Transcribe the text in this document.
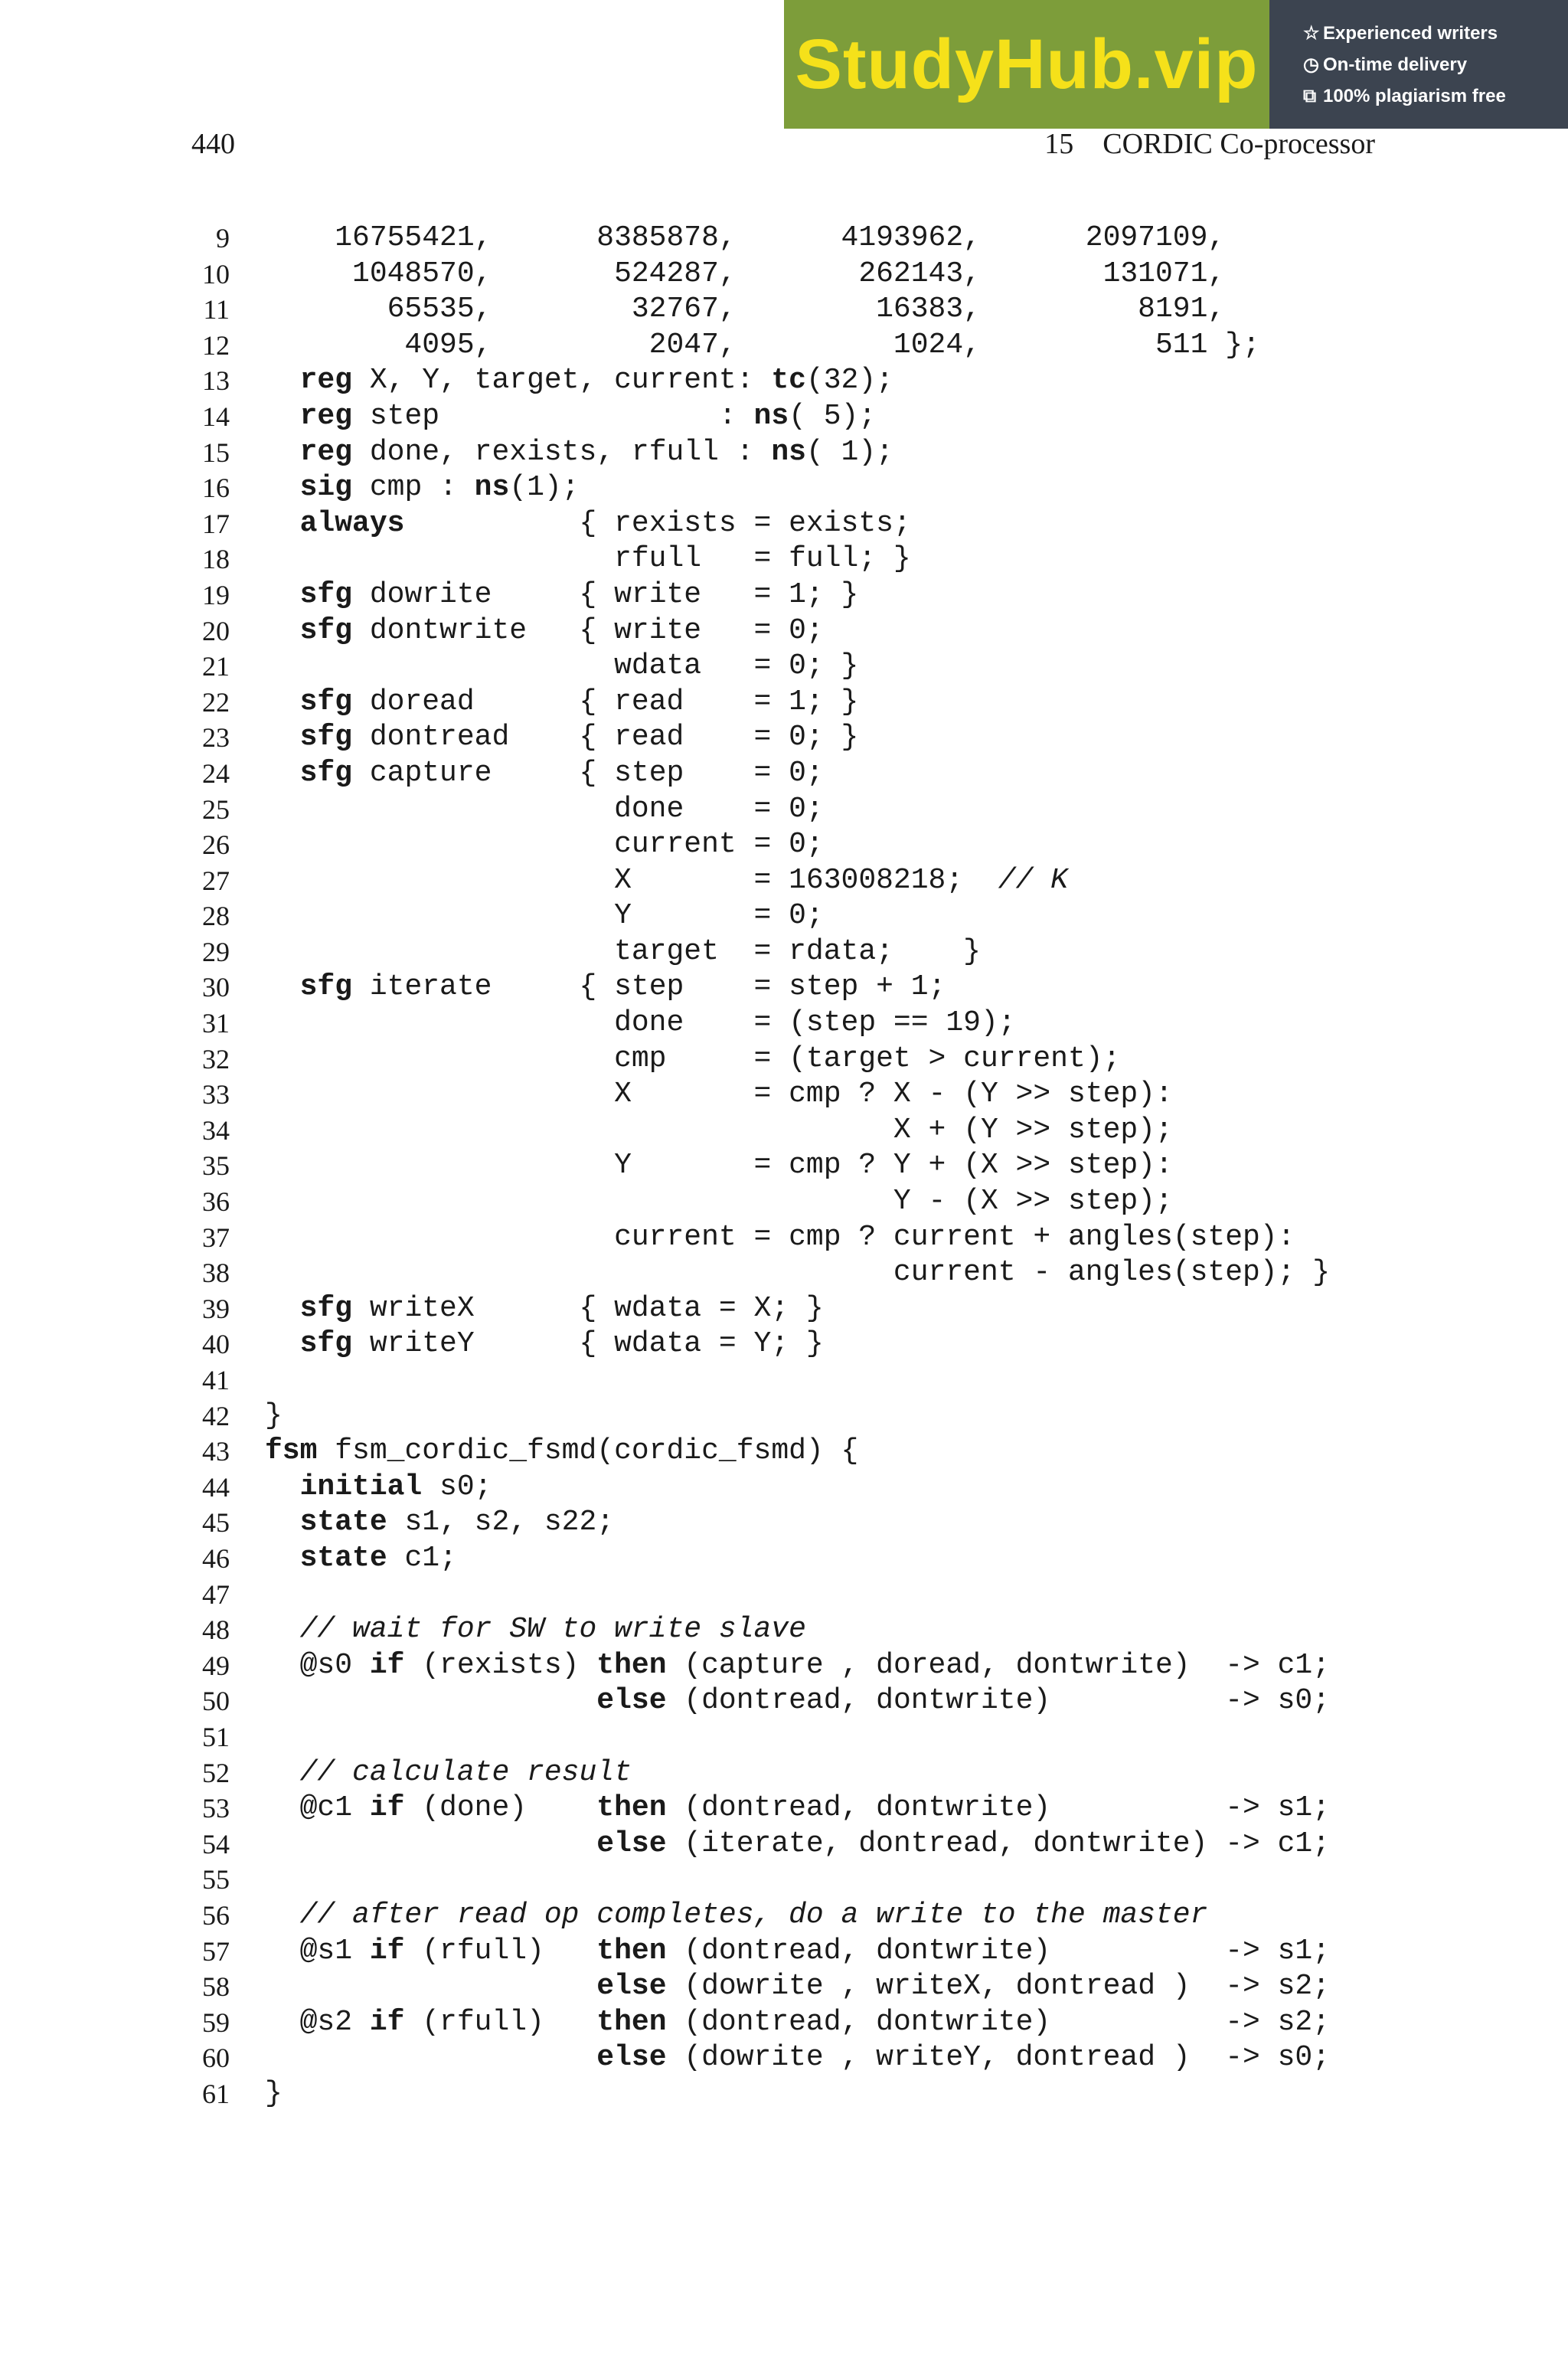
StudyHub.vip ☆ Experienced writers
◷ On-time delivery
⧉ 100% plagiarism free
440	15 CORDIC Co-processor
9 16755421,      8385878,      4193962,      2097109,
10 1048570,       524287,       262143,       131071,
11 65535,        32767,        16383,         8191,
12 4095,         2047,         1024,          511 };
13	reg X, Y, target, current: tc(32);
14	reg step                : ns( 5);
15	reg done, rexists, rfull : ns( 1);
16	sig cmp : ns(1);
17	always          { rexists = exists;
18 rfull   = full; }
19	sfg dowrite     { write   = 1; }
20	sfg dontwrite   { write   = 0;
21 wdata   = 0; }
22	sfg doread      { read    = 1; }
23	sfg dontread    { read    = 0; }
24	sfg capture     { step    = 0;
25 done    = 0;
26 current = 0;
27 X       = 163008218;  // K
28 Y       = 0;
29 target  = rdata;    }
30	sfg iterate     { step    = step + 1;
31 done    = (step == 19);
32 cmp     = (target > current);
33 X       = cmp ? X - (Y >> step):
34 X + (Y >> step);
35 Y       = cmp ? Y + (X >> step):
36 Y - (X >> step);
37 current = cmp ? current + angles(step):
38 current - angles(step); }
39	sfg writeX      { wdata = X; }
40	sfg writeY      { wdata = Y; }
41
42 }
43 fsm fsm_cordic_fsmd(cordic_fsmd) {
44	initial s0;
45	state s1, s2, s22;
46	state c1;
47
48	// wait for SW to write slave
49 @s0 if (rexists) then (capture , doread, dontwrite)  -> c1;
50	else (dontread, dontwrite)          -> s0;
51
52	// calculate result
53 @c1 if (done)    then (dontread, dontwrite)          -> s1;
54	else (iterate, dontread, dontwrite) -> c1;
55
56	// after read op completes, do a write to the master
57 @s1 if (rfull)   then (dontread, dontwrite)          -> s1;
58	else (dowrite , writeX, dontread )  -> s2;
59 @s2 if (rfull)   then (dontread, dontwrite)          -> s2;
60	else (dowrite , writeY, dontread )  -> s0;
61 }
